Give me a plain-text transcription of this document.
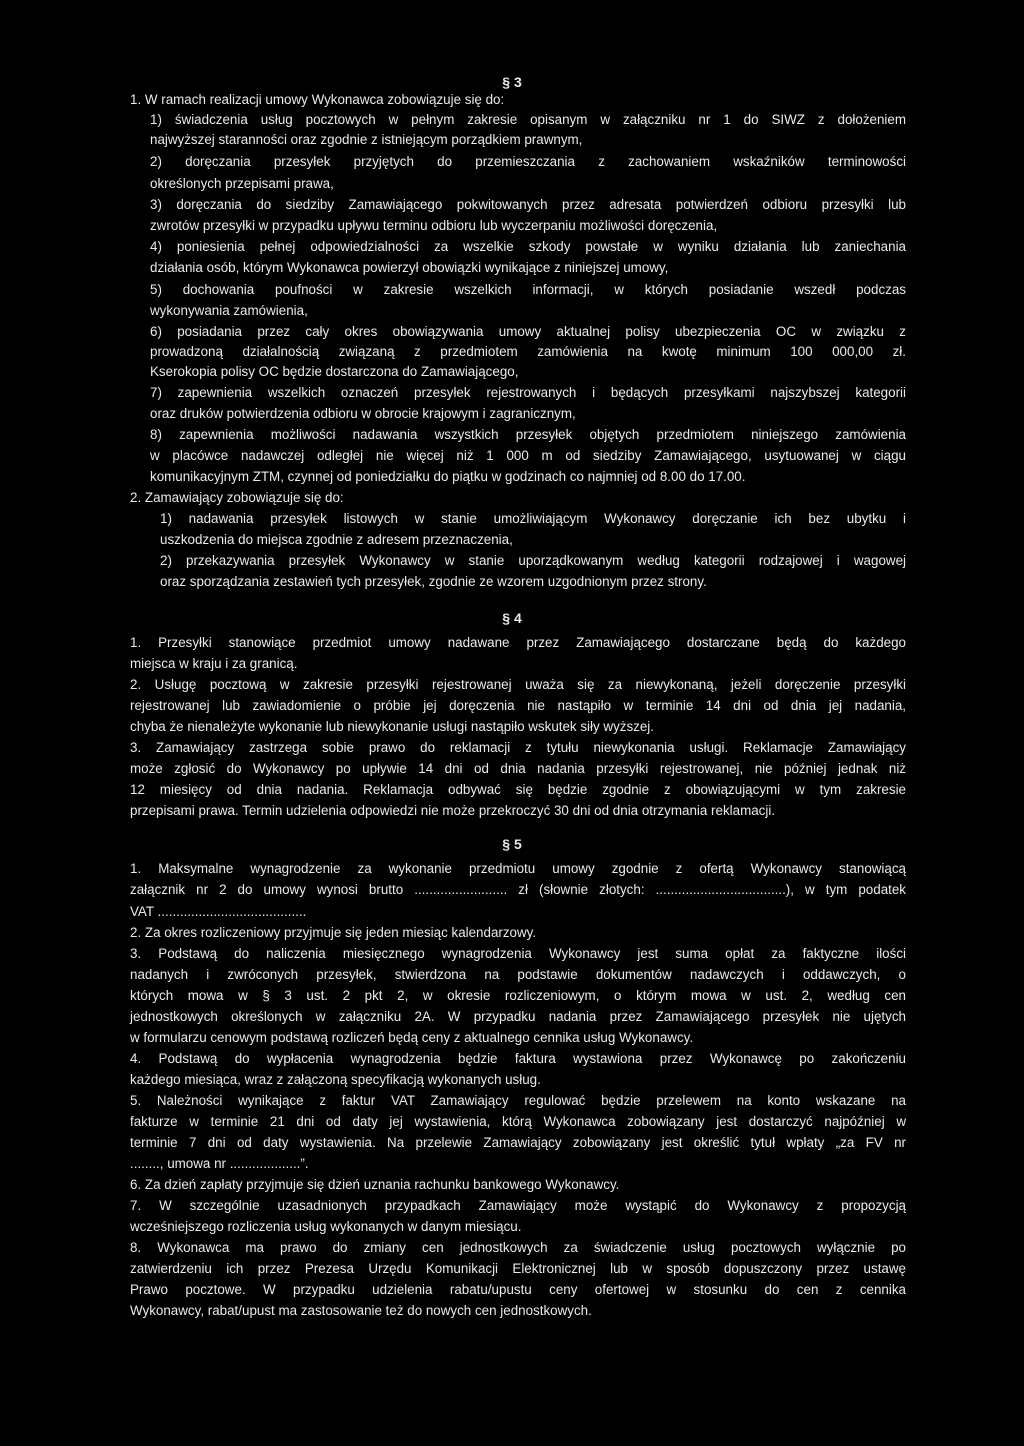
§ 3
1. W ramach realizacji umowy Wykonawca zobowiązuje się do:
1) świadczenia usług pocztowych w pełnym zakresie opisanym w załączniku nr 1 do SIWZ z dołożeniem
najwyższej staranności oraz zgodnie z istniejącym porządkiem prawnym,
2) doręczania przesyłek przyjętych do przemieszczania z zachowaniem wskaźników terminowości
określonych przepisami prawa,
3) doręczania do siedziby Zamawiającego pokwitowanych przez adresata potwierdzeń odbioru przesyłki lub
zwrotów przesyłki w przypadku upływu terminu odbioru lub wyczerpaniu możliwości doręczenia,
4) poniesienia pełnej odpowiedzialności za wszelkie szkody powstałe w wyniku działania lub zaniechania
działania osób, którym Wykonawca powierzył obowiązki wynikające z niniejszej umowy,
5) dochowania poufności w zakresie wszelkich informacji, w których posiadanie wszedł podczas
wykonywania zamówienia,
6) posiadania przez cały okres obowiązywania umowy aktualnej polisy ubezpieczenia OC w związku z
prowadzoną działalnością związaną z przedmiotem zamówienia na kwotę minimum 100 000,00 zł.
Kserokopia polisy OC będzie dostarczona do Zamawiającego,
7) zapewnienia wszelkich oznaczeń przesyłek rejestrowanych i będących przesyłkami najszybszej kategorii
oraz druków potwierdzenia odbioru w obrocie krajowym i zagranicznym,
8) zapewnienia możliwości nadawania wszystkich przesyłek objętych przedmiotem niniejszego zamówienia
w placówce nadawczej odległej nie więcej niż 1 000 m od siedziby Zamawiającego, usytuowanej w ciągu
komunikacyjnym ZTM, czynnej od poniedziałku do piątku w godzinach co najmniej od 8.00 do 17.00.
2. Zamawiający zobowiązuje się do:
1) nadawania przesyłek listowych w stanie umożliwiającym Wykonawcy doręczanie ich bez ubytku i
uszkodzenia do miejsca zgodnie z adresem przeznaczenia,
2) przekazywania przesyłek Wykonawcy w stanie uporządkowanym według kategorii rodzajowej i wagowej
oraz sporządzania zestawień tych przesyłek, zgodnie ze wzorem uzgodnionym przez strony.
§ 4
1. Przesyłki stanowiące przedmiot umowy nadawane przez Zamawiającego dostarczane będą do każdego
miejsca w kraju i za granicą.
2. Usługę pocztową w zakresie przesyłki rejestrowanej uważa się za niewykonaną, jeżeli doręczenie przesyłki
rejestrowanej lub zawiadomienie o próbie jej doręczenia nie nastąpiło w terminie 14 dni od dnia jej nadania,
chyba że nienależyte wykonanie lub niewykonanie usługi nastąpiło wskutek siły wyższej.
3. Zamawiający zastrzega sobie prawo do reklamacji z tytułu niewykonania usługi. Reklamacje Zamawiający
może zgłosić do Wykonawcy po upływie 14 dni od dnia nadania przesyłki rejestrowanej, nie później jednak niż
12 miesięcy od dnia nadania. Reklamacja odbywać się będzie zgodnie z obowiązującymi w tym zakresie
przepisami prawa. Termin udzielenia odpowiedzi nie może przekroczyć 30 dni od dnia otrzymania reklamacji.
§ 5
1. Maksymalne wynagrodzenie za wykonanie przedmiotu umowy zgodnie z ofertą Wykonawcy stanowiącą
załącznik nr 2 do umowy wynosi brutto ......................... zł (słownie złotych: ...................................), w tym podatek
VAT ........................................
2. Za okres rozliczeniowy przyjmuje się jeden miesiąc kalendarzowy.
3. Podstawą do naliczenia miesięcznego wynagrodzenia Wykonawcy jest suma opłat za faktyczne ilości
nadanych i zwróconych przesyłek, stwierdzona na podstawie dokumentów nadawczych i oddawczych, o
których mowa w § 3 ust. 2 pkt 2, w okresie rozliczeniowym, o którym mowa w ust. 2, według cen
jednostkowych określonych w załączniku 2A. W przypadku nadania przez Zamawiającego przesyłek nie ujętych
w formularzu cenowym podstawą rozliczeń będą ceny z aktualnego cennika usług Wykonawcy.
4. Podstawą do wypłacenia wynagrodzenia będzie faktura wystawiona przez Wykonawcę po zakończeniu
każdego miesiąca, wraz z załączoną specyfikacją wykonanych usług.
5. Należności wynikające z faktur VAT Zamawiający regulować będzie przelewem na konto wskazane na
fakturze w terminie 21 dni od daty jej wystawienia, którą Wykonawca zobowiązany jest dostarczyć najpóźniej w
terminie 7 dni od daty wystawienia. Na przelewie Zamawiający zobowiązany jest określić tytuł wpłaty „za FV nr
........, umowa nr ...................”.
6. Za dzień zapłaty przyjmuje się dzień uznania rachunku bankowego Wykonawcy.
7. W szczególnie uzasadnionych przypadkach Zamawiający może wystąpić do Wykonawcy z propozycją
wcześniejszego rozliczenia usług wykonanych w danym miesiącu.
8. Wykonawca ma prawo do zmiany cen jednostkowych za świadczenie usług pocztowych wyłącznie po
zatwierdzeniu ich przez Prezesa Urzędu Komunikacji Elektronicznej lub w sposób dopuszczony przez ustawę
Prawo pocztowe. W przypadku udzielenia rabatu/upustu ceny ofertowej w stosunku do cen z cennika
Wykonawcy, rabat/upust ma zastosowanie też do nowych cen jednostkowych.
